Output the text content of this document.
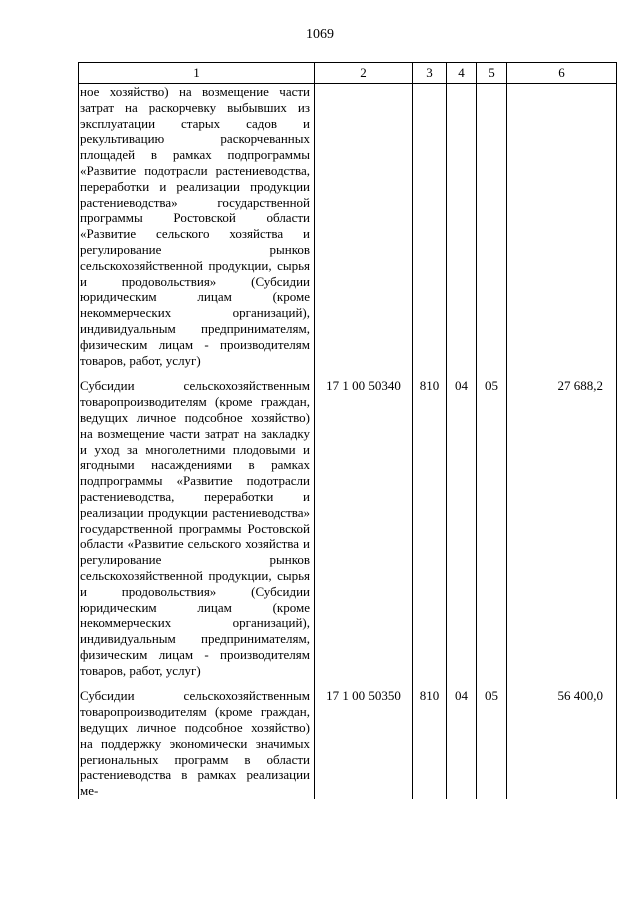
1069
1	2	3	4	5	6
ное хозяйство) на возмещение части затрат на раскорчевку выбывших из эксплуатации старых садов и рекультивацию раскорчеванных площадей в рамках подпрограммы «Развитие подотрасли растениеводства, переработки и реализации продукции растениеводства» государственной программы Ростовской области «Развитие сельского хозяйства и регулирование рынков сельскохозяйственной продукции, сырья и продовольствия» (Субсидии юридическим лицам (кроме некоммерческих организаций), индивидуальным предпринимателям, физическим лицам - производителям товаров, работ, услуг)					

Субсидии сельскохозяйственным товаропроизводителям (кроме граждан, ведущих личное подсобное хозяйство) на возмещение части затрат на закладку и уход за многолетними плодовыми и ягодными насаждениями в рамках подпрограммы «Развитие подотрасли растениеводства, переработки и реализации продукции растениеводства» государственной программы Ростовской области «Развитие сельского хозяйства и регулирование рынков сельскохозяйственной продукции, сырья и продовольствия» (Субсидии юридическим лицам (кроме некоммерческих организаций), индивидуальным предпринимателям, физическим лицам - производителям товаров, работ, услуг)	17 1 00 50340	810	04	05	27 688,2

Субсидии сельскохозяйственным товаропроизводителям (кроме граждан, ведущих личное подсобное хозяйство) на поддержку экономически значимых региональных программ в области растениеводства в рамках реализации ме-	17 1 00 50350	810	04	05	56 400,0
